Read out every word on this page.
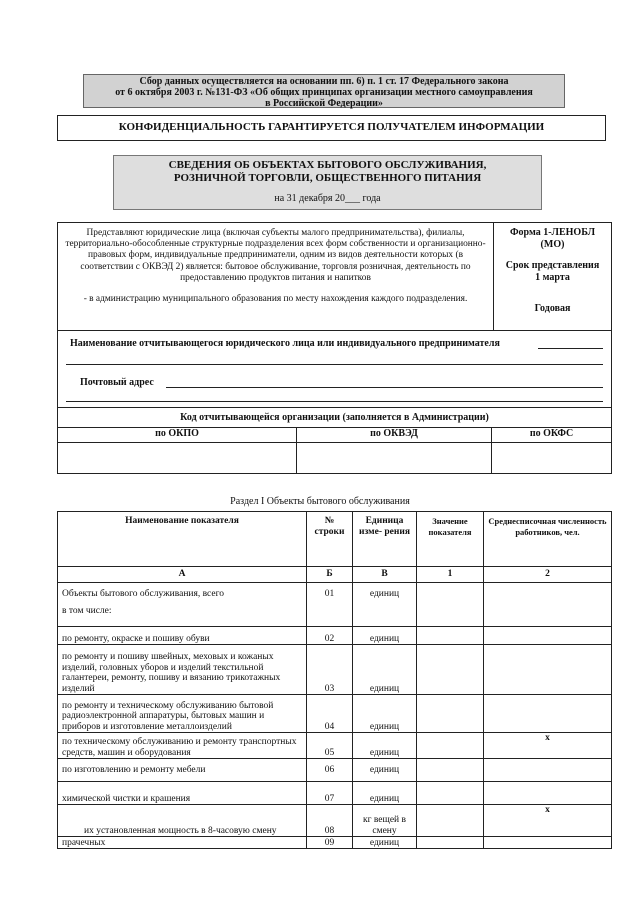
Сбор данных осуществляется на основании пп. 6) п. 1 ст. 17 Федерального закона
от 6 октября 2003 г. №131-ФЗ «Об общих принципах организации местного самоуправления
в Российской Федерации»
КОНФИДЕНЦИАЛЬНОСТЬ ГАРАНТИРУЕТСЯ ПОЛУЧАТЕЛЕМ ИНФОРМАЦИИ
СВЕДЕНИЯ ОБ ОБЪЕКТАХ БЫТОВОГО ОБСЛУЖИВАНИЯ,
РОЗНИЧНОЙ ТОРГОВЛИ, ОБЩЕСТВЕННОГО ПИТАНИЯ
на 31 декабря 20___ года

Представляют юридические лица (включая субъекты малого предпринимательства), филиалы, территориально-обособленные структурные подразделения всех форм собственности и организационно-правовых форм, индивидуальные предприниматели, одним из видов деятельности которых (в соответствии с ОКВЭД 2) является: бытовое обслуживание, торговля розничная, деятельность по предоставлению продуктов питания и напитков

- в администрацию муниципального образования по месту нахождения каждого подразделения.

Форма 1-ЛЕНОБЛ
(МО)
Срок представления
1 марта
Годовая
Наименование отчитывающегося юридического лица или индивидуального предпринимателя
Почтовый адрес
Код отчитывающейся организации (заполняется в Администрации)		
по ОКПО	по ОКВЭД	по ОКФС

Раздел I Объекты бытового обслуживания
Наименование показателя	№ строки	Единица изме- рения	Значение показателя	Среднесписочная численность работников, чел.
А	Б	В	1	2
Объекты бытового обслуживания, всего
в том числе:	01	единиц		
по ремонту, окраске и пошиву обуви	02	единиц		
по ремонту и пошиву швейных, меховых и кожаных изделий, головных уборов и изделий текстильной галантереи, ремонту, пошиву и вязанию трикотажных изделий	03	единиц		
по ремонту и техническому обслуживанию бытовой радиоэлектронной аппаратуры, бытовых машин и приборов и изготовление металлоизделий	04	единиц		
по техническому обслуживанию и ремонту транспортных средств, машин и оборудования	05	единиц		х
по изготовлению и ремонту мебели	06	единиц		
химической чистки и крашения	07	единиц		
их установленная мощность в 8-часовую смену	08	кг вещей в смену		х
прачечных	09	единиц		
